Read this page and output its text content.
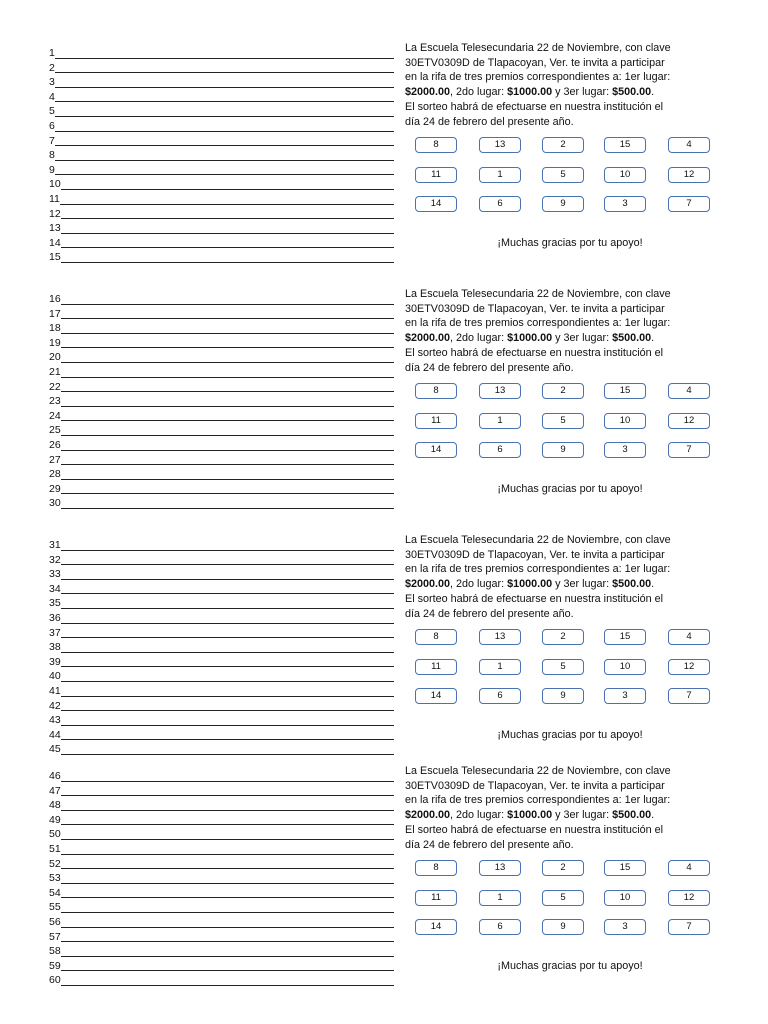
1
2
3
4
5
6
7
8
9
10
11
12
13
14
15
La Escuela Telesecundaria 22 de Noviembre, con clave
30ETV0309D de Tlapacoyan, Ver. te invita a participar
en la rifa de tres premios correspondientes a: 1er lugar:
$2000.00, 2do lugar: $1000.00 y 3er lugar: $500.00.
El sorteo habrá de efectuarse en nuestra institución el
día 24 de febrero del presente año.
8	13	2	15	4
11	1	5	10	12
14	6	9	3	7
¡Muchas gracias por tu apoyo!
16
17
18
19
20
21
22
23
24
25
26
27
28
29
30
La Escuela Telesecundaria 22 de Noviembre, con clave
30ETV0309D de Tlapacoyan, Ver. te invita a participar
en la rifa de tres premios correspondientes a: 1er lugar:
$2000.00, 2do lugar: $1000.00 y 3er lugar: $500.00.
El sorteo habrá de efectuarse en nuestra institución el
día 24 de febrero del presente año.
8	13	2	15	4
11	1	5	10	12
14	6	9	3	7
¡Muchas gracias por tu apoyo!
31
32
33
34
35
36
37
38
39
40
41
42
43
44
45
La Escuela Telesecundaria 22 de Noviembre, con clave
30ETV0309D de Tlapacoyan, Ver. te invita a participar
en la rifa de tres premios correspondientes a: 1er lugar:
$2000.00, 2do lugar: $1000.00 y 3er lugar: $500.00.
El sorteo habrá de efectuarse en nuestra institución el
día 24 de febrero del presente año.
8	13	2	15	4
11	1	5	10	12
14	6	9	3	7
¡Muchas gracias por tu apoyo!
46
47
48
49
50
51
52
53
54
55
56
57
58
59
60
La Escuela Telesecundaria 22 de Noviembre, con clave
30ETV0309D de Tlapacoyan, Ver. te invita a participar
en la rifa de tres premios correspondientes a: 1er lugar:
$2000.00, 2do lugar: $1000.00 y 3er lugar: $500.00.
El sorteo habrá de efectuarse en nuestra institución el
día 24 de febrero del presente año.
8	13	2	15	4
11	1	5	10	12
14	6	9	3	7
¡Muchas gracias por tu apoyo!
